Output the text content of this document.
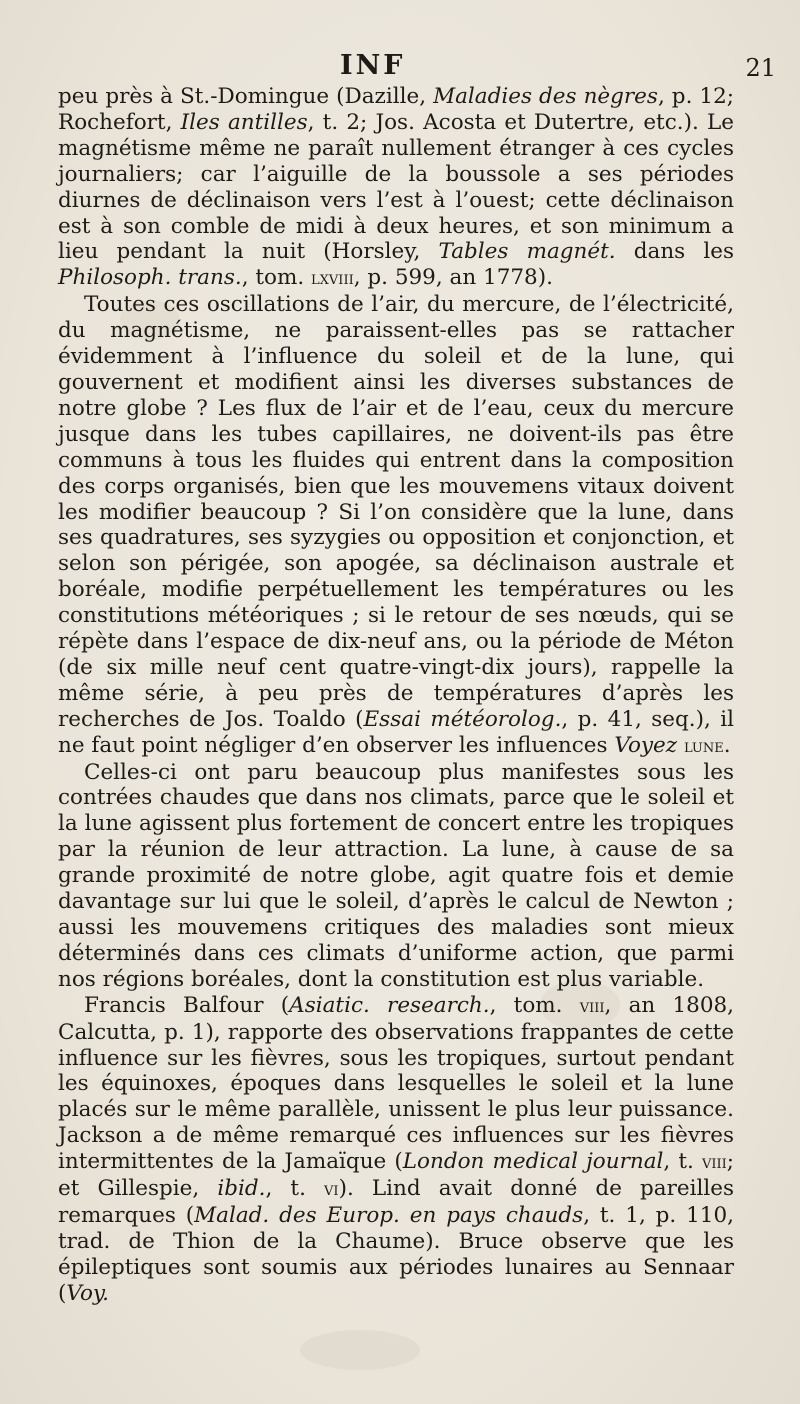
INF	21

peu près à St.-Domingue (Dazille, Maladies des nègres, p. 12; Rochefort, Iles antilles, t. 2; Jos. Acosta et Dutertre, etc.). Le magnétisme même ne paraît nullement étranger à ces cycles journaliers; car l’aiguille de la boussole a ses périodes diurnes de déclinaison vers l’est à l’ouest; cette déclinaison est à son comble de midi à deux heures, et son minimum a lieu pendant la nuit (Horsley, Tables magnét. dans les Philosoph. trans., tom. lxviii, p. 599, an 1778).

Toutes ces oscillations de l’air, du mercure, de l’électricité, du magnétisme, ne paraissent-elles pas se rattacher évidemment à l’influence du soleil et de la lune, qui gouvernent et modifient ainsi les diverses substances de notre globe ? Les flux de l’air et de l’eau, ceux du mercure jusque dans les tubes capillaires, ne doivent-ils pas être communs à tous les fluides qui entrent dans la composition des corps organisés, bien que les mouvemens vitaux doivent les modifier beaucoup ? Si l’on considère que la lune, dans ses quadratures, ses syzygies ou opposition et conjonction, et selon son périgée, son apogée, sa déclinaison australe et boréale, modifie perpétuellement les températures ou les constitutions météoriques ; si le retour de ses nœuds, qui se répète dans l’espace de dix-neuf ans, ou la période de Méton (de six mille neuf cent quatre-vingt-dix jours), rappelle la même série, à peu près de températures d’après les recherches de Jos. Toaldo (Essai météorolog., p. 41, seq.), il ne faut point négliger d’en observer les influences Voyez lune.

Celles-ci ont paru beaucoup plus manifestes sous les contrées chaudes que dans nos climats, parce que le soleil et la lune agissent plus fortement de concert entre les tropiques par la réunion de leur attraction. La lune, à cause de sa grande proximité de notre globe, agit quatre fois et demie davantage sur lui que le soleil, d’après le calcul de Newton ; aussi les mouvemens critiques des maladies sont mieux déterminés dans ces climats d’uniforme action, que parmi nos régions boréales, dont la constitution est plus variable.

Francis Balfour (Asiatic. research., tom. viii, an 1808, Calcutta, p. 1), rapporte des observations frappantes de cette influence sur les fièvres, sous les tropiques, surtout pendant les équinoxes, époques dans lesquelles le soleil et la lune placés sur le même parallèle, unissent le plus leur puissance. Jackson a de même remarqué ces influences sur les fièvres intermittentes de la Jamaïque (London medical journal, t. viii; et Gillespie, ibid., t. vi). Lind avait donné de pareilles remarques (Malad. des Europ. en pays chauds, t. 1, p. 110, trad. de Thion de la Chaume). Bruce observe que les épileptiques sont soumis aux périodes lunaires au Sennaar (Voy.
